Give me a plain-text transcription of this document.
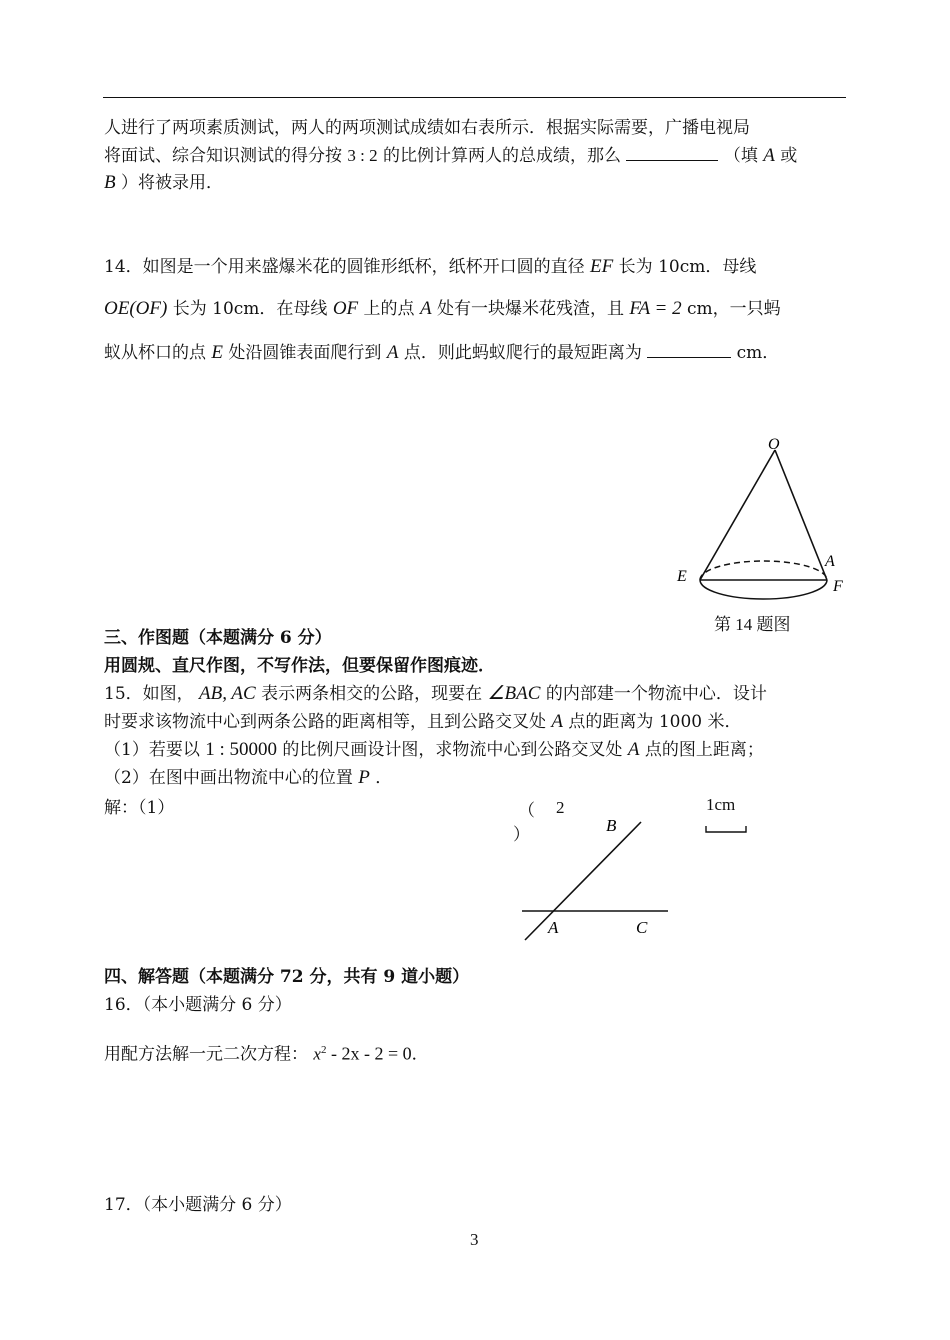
人进行了两项素质测试，两人的两项测试成绩如右表所示．根据实际需要，广播电视局
将面试、综合知识测试的得分按 3 : 2 的比例计算两人的总成绩，那么	（填 A 或
B ）将被录用．
14．如图是一个用来盛爆米花的圆锥形纸杯，纸杯开口圆的直径 EF 长为 10cm．母线
OE(OF) 长为 10cm．在母线 OF 上的点 A 处有一块爆米花残渣，且 FA = 2 cm，一只蚂
蚁从杯口的点 E 处沿圆锥表面爬行到 A 点．则此蚂蚁爬行的最短距离为	cm．
O
A
E
F
第 14 题图
三、作图题（本题满分 6 分）
用圆规、直尺作图，不写作法，但要保留作图痕迹．
15．如图， AB, AC 表示两条相交的公路，现要在 ∠BAC 的内部建一个物流中心．设计
时要求该物流中心到两条公路的距离相等，且到公路交叉处 A 点的距离为 1000 米．
（1）若要以 1 : 50000 的比例尺画设计图，求物流中心到公路交叉处 A 点的图上距离；
（2）在图中画出物流中心的位置 P ．
解：（1）	（ 2
）
1cm
B
A	C
四、解答题（本题满分 72 分，共有 9 道小题）
16．（本小题满分 6 分）
用配方法解一元二次方程： $x^2 - 2x - 2 = 0$．
17．（本小题满分 6 分）
3
